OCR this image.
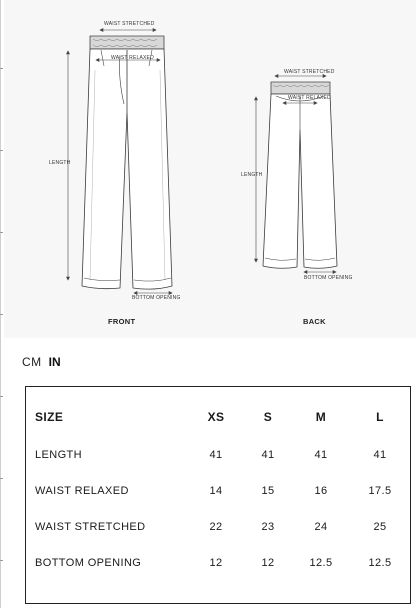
WAIST STRETCHED
WAIST RELAXED
LENGTH
BOTTOM OPENING
FRONT
WAIST STRETCHED
WAIST RELAXED
LENGTH
BOTTOM OPENING
BACK
CM IN
SIZE	XS	S	M	L
LENGTH	41	41	41	41
WAIST RELAXED	14	15	16	17.5
WAIST STRETCHED	22	23	24	25
BOTTOM OPENING	12	12	12.5	12.5
